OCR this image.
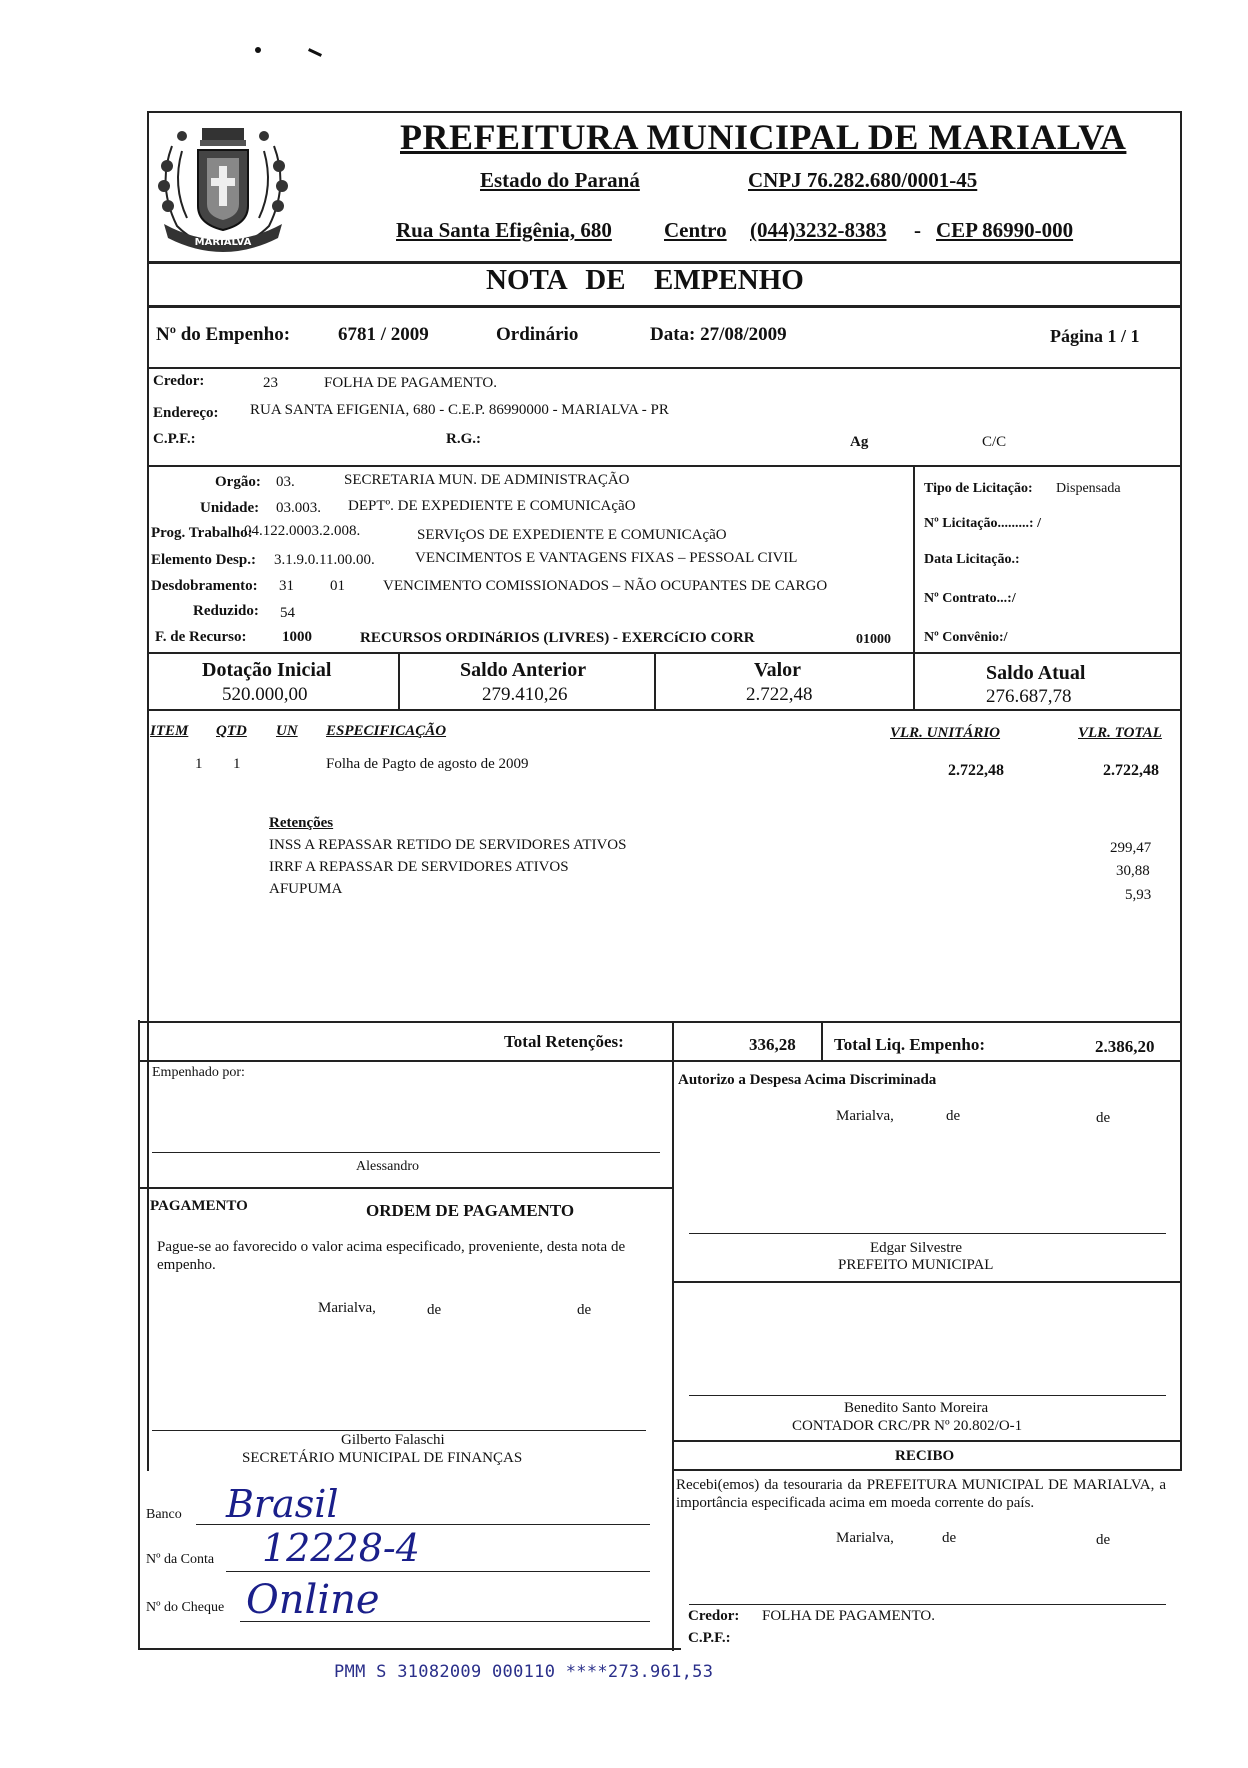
MARIALVA
PREFEITURA MUNICIPAL DE MARIALVA
Estado do Paraná	CNPJ 76.282.680/0001-45
Rua Santa Efigênia, 680 Centro (044)3232-8383 - CEP 86990-000
NOTA DE EMPENHO
Nº do Empenho:	6781 / 2009	Ordinário	Data: 27/08/2009	Página 1 / 1
Credor:	23	FOLHA DE PAGAMENTO.
Endereço: RUA SANTA EFIGENIA, 680 - C.E.P. 86990000 - MARIALVA - PR
C.P.F.:	R.G.:	Ag	C/C
Orgão: 03.	SECRETARIA MUN. DE ADMINISTRAÇÃO
Unidade: 03.003. DEPTº. DE EXPEDIENTE E COMUNICAçãO
Prog. Trabalho:
04.122.0003.2.008.	SERVIçOS DE EXPEDIENTE E COMUNICAçãO
Elemento Desp.: 3.1.9.0.11.00.00.	VENCIMENTOS E VANTAGENS FIXAS – PESSOAL CIVIL
Desdobramento: 31 01	VENCIMENTO COMISSIONADOS – NÃO OCUPANTES DE CARGO
Reduzido: 54
F. de Recurso: 1000	RECURSOS ORDINáRIOS (LIVRES) - EXERCíCIO CORR	01000
Tipo de Licitação: Dispensada
Nº Licitação.........: /
Data Licitação.:
Nº Contrato...:/
Nº Convênio:/
Dotação Inicial
520.000,00
Saldo Anterior
279.410,26
Valor
2.722,48
Saldo Atual
276.687,78
ITEM QTD UN ESPECIFICAÇÃO	VLR. UNITÁRIO	VLR. TOTAL
1 1	Folha de Pagto de agosto de 2009	2.722,48	2.722,48
Retenções
INSS A REPASSAR RETIDO DE SERVIDORES ATIVOS	299,47
IRRF A REPASSAR DE SERVIDORES ATIVOS	30,88
AFUPUMA	5,93
Total Retenções:	336,28 Total Liq. Empenho:	2.386,20
Empenhado por:
Alessandro
Autorizo a Despesa Acima Discriminada
Marialva,	de	de
Edgar Silvestre
PREFEITO MUNICIPAL
Benedito Santo Moreira
CONTADOR CRC/PR Nº 20.802/O-1
PAGAMENTO	ORDEM DE PAGAMENTO
Pague-se ao favorecido o valor acima especificado, proveniente, desta nota de empenho.
Marialva,	de	de
Gilberto Falaschi
SECRETÁRIO MUNICIPAL DE FINANÇAS
Banco Brasil
Nº da Conta 12228-4
Nº do Cheque Online
RECIBO
Recebi(emos) da tesouraria da PREFEITURA MUNICIPAL DE MARIALVA, a importância especificada acima em moeda corrente do país.
Marialva,	de	de
Credor: FOLHA DE PAGAMENTO.
C.P.F.:
PMM S 31082009 000110 ****273.961,53
